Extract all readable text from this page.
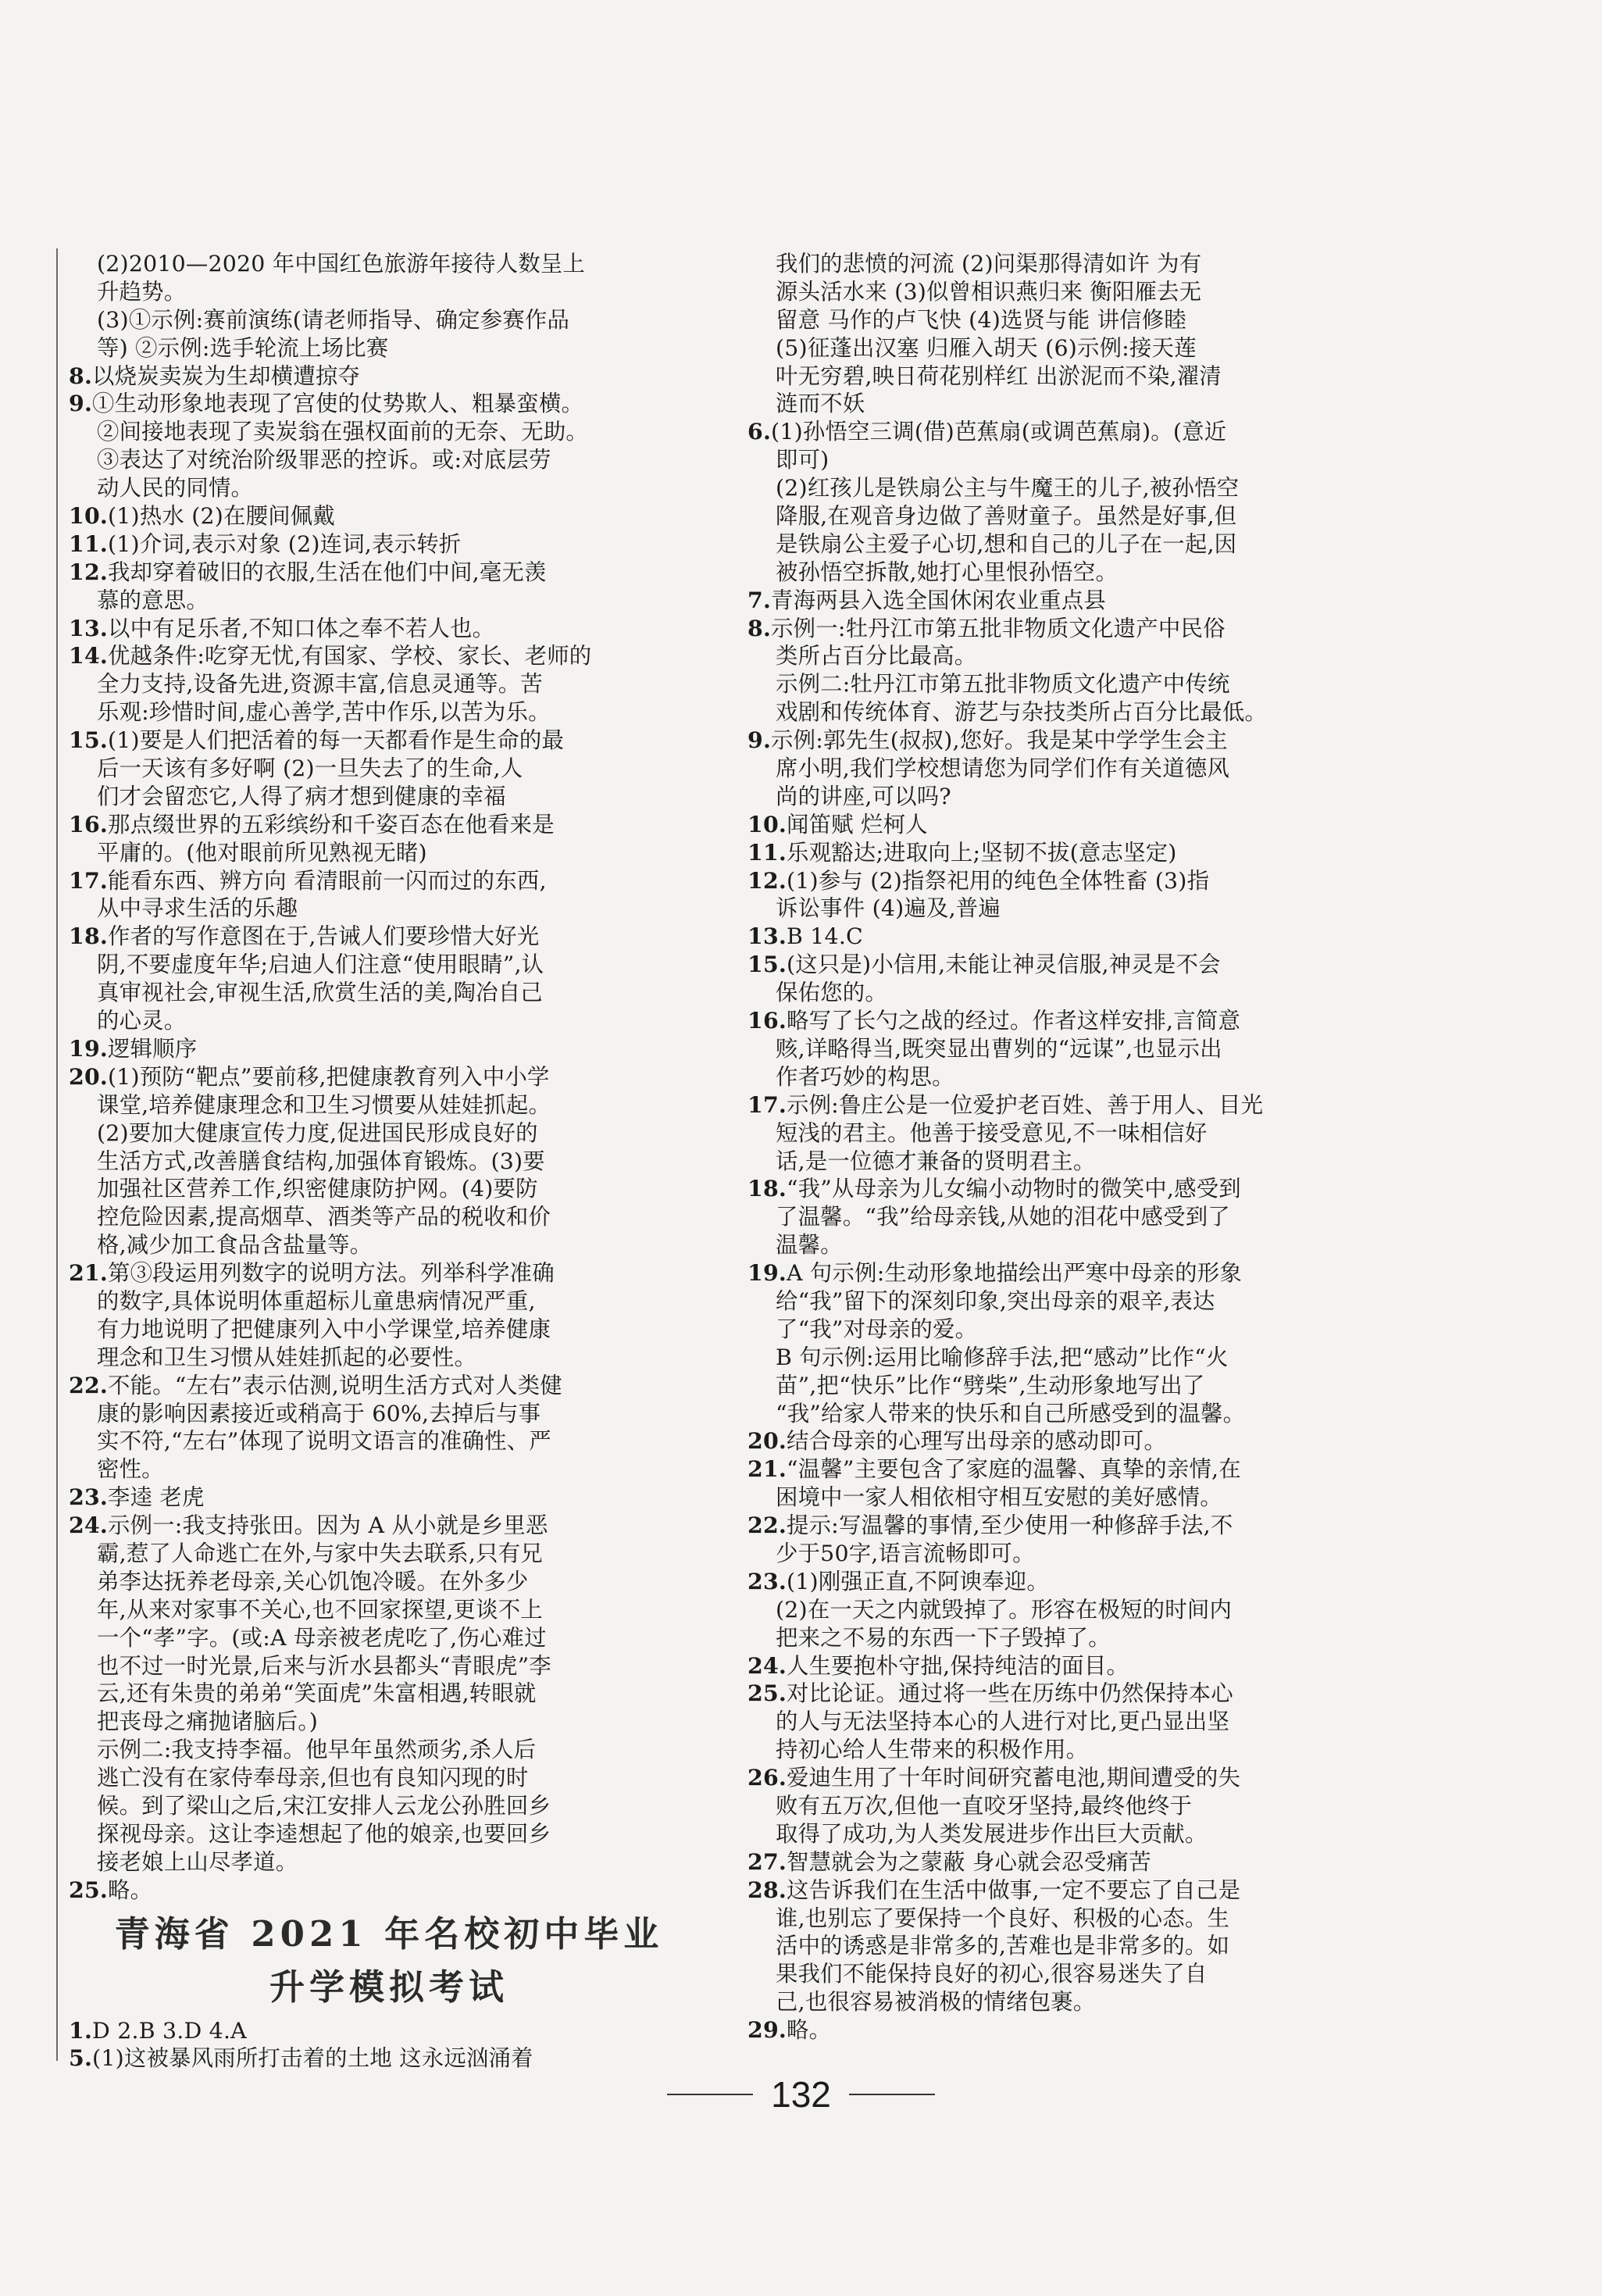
(2)2010—2020 年中国红色旅游年接待人数呈上
升趋势。
(3)①示例:赛前演练(请老师指导、确定参赛作品
等) ②示例:选手轮流上场比赛
8.以烧炭卖炭为生却横遭掠夺
9.①生动形象地表现了宫使的仗势欺人、粗暴蛮横。
②间接地表现了卖炭翁在强权面前的无奈、无助。
③表达了对统治阶级罪恶的控诉。或:对底层劳
动人民的同情。
10.(1)热水 (2)在腰间佩戴
11.(1)介词,表示对象 (2)连词,表示转折
12.我却穿着破旧的衣服,生活在他们中间,毫无羡
慕的意思。
13.以中有足乐者,不知口体之奉不若人也。
14.优越条件:吃穿无忧,有国家、学校、家长、老师的
全力支持,设备先进,资源丰富,信息灵通等。苦
乐观:珍惜时间,虚心善学,苦中作乐,以苦为乐。
15.(1)要是人们把活着的每一天都看作是生命的最
后一天该有多好啊 (2)一旦失去了的生命,人
们才会留恋它,人得了病才想到健康的幸福
16.那点缀世界的五彩缤纷和千姿百态在他看来是
平庸的。(他对眼前所见熟视无睹)
17.能看东西、辨方向 看清眼前一闪而过的东西,
从中寻求生活的乐趣
18.作者的写作意图在于,告诫人们要珍惜大好光
阴,不要虚度年华;启迪人们注意“使用眼睛”,认
真审视社会,审视生活,欣赏生活的美,陶冶自己
的心灵。
19.逻辑顺序
20.(1)预防“靶点”要前移,把健康教育列入中小学
课堂,培养健康理念和卫生习惯要从娃娃抓起。
(2)要加大健康宣传力度,促进国民形成良好的
生活方式,改善膳食结构,加强体育锻炼。(3)要
加强社区营养工作,织密健康防护网。(4)要防
控危险因素,提高烟草、酒类等产品的税收和价
格,减少加工食品含盐量等。
21.第③段运用列数字的说明方法。列举科学准确
的数字,具体说明体重超标儿童患病情况严重,
有力地说明了把健康列入中小学课堂,培养健康
理念和卫生习惯从娃娃抓起的必要性。
22.不能。“左右”表示估测,说明生活方式对人类健
康的影响因素接近或稍高于 60%,去掉后与事
实不符,“左右”体现了说明文语言的准确性、严
密性。
23.李逵 老虎
24.示例一:我支持张田。因为 A 从小就是乡里恶
霸,惹了人命逃亡在外,与家中失去联系,只有兄
弟李达抚养老母亲,关心饥饱冷暖。在外多少
年,从来对家事不关心,也不回家探望,更谈不上
一个“孝”字。(或:A 母亲被老虎吃了,伤心难过
也不过一时光景,后来与沂水县都头“青眼虎”李
云,还有朱贵的弟弟“笑面虎”朱富相遇,转眼就
把丧母之痛抛诸脑后。)
示例二:我支持李福。他早年虽然顽劣,杀人后
逃亡没有在家侍奉母亲,但也有良知闪现的时
候。到了梁山之后,宋江安排人云龙公孙胜回乡
探视母亲。这让李逵想起了他的娘亲,也要回乡
接老娘上山尽孝道。
25.略。
青海省 2021 年名校初中毕业
升学模拟考试
1.D 2.B 3.D 4.A
5.(1)这被暴风雨所打击着的土地 这永远汹涌着
我们的悲愤的河流 (2)问渠那得清如许 为有
源头活水来 (3)似曾相识燕归来 衡阳雁去无
留意 马作的卢飞快 (4)选贤与能 讲信修睦
(5)征蓬出汉塞 归雁入胡天 (6)示例:接天莲
叶无穷碧,映日荷花别样红 出淤泥而不染,濯清
涟而不妖
6.(1)孙悟空三调(借)芭蕉扇(或调芭蕉扇)。(意近
即可)
(2)红孩儿是铁扇公主与牛魔王的儿子,被孙悟空
降服,在观音身边做了善财童子。虽然是好事,但
是铁扇公主爱子心切,想和自己的儿子在一起,因
被孙悟空拆散,她打心里恨孙悟空。
7.青海两县入选全国休闲农业重点县
8.示例一:牡丹江市第五批非物质文化遗产中民俗
类所占百分比最高。
示例二:牡丹江市第五批非物质文化遗产中传统
戏剧和传统体育、游艺与杂技类所占百分比最低。
9.示例:郭先生(叔叔),您好。我是某中学学生会主
席小明,我们学校想请您为同学们作有关道德风
尚的讲座,可以吗?
10.闻笛赋 烂柯人
11.乐观豁达;进取向上;坚韧不拔(意志坚定)
12.(1)参与 (2)指祭祀用的纯色全体牲畜 (3)指
诉讼事件 (4)遍及,普遍
13.B 14.C
15.(这只是)小信用,未能让神灵信服,神灵是不会
保佑您的。
16.略写了长勺之战的经过。作者这样安排,言简意
赅,详略得当,既突显出曹刿的“远谋”,也显示出
作者巧妙的构思。
17.示例:鲁庄公是一位爱护老百姓、善于用人、目光
短浅的君主。他善于接受意见,不一味相信好
话,是一位德才兼备的贤明君主。
18.“我”从母亲为儿女编小动物时的微笑中,感受到
了温馨。“我”给母亲钱,从她的泪花中感受到了
温馨。
19.A 句示例:生动形象地描绘出严寒中母亲的形象
给“我”留下的深刻印象,突出母亲的艰辛,表达
了“我”对母亲的爱。
B 句示例:运用比喻修辞手法,把“感动”比作“火
苗”,把“快乐”比作“劈柴”,生动形象地写出了
“我”给家人带来的快乐和自己所感受到的温馨。
20.结合母亲的心理写出母亲的感动即可。
21.“温馨”主要包含了家庭的温馨、真挚的亲情,在
困境中一家人相依相守相互安慰的美好感情。
22.提示:写温馨的事情,至少使用一种修辞手法,不
少于50字,语言流畅即可。
23.(1)刚强正直,不阿谀奉迎。
(2)在一天之内就毁掉了。形容在极短的时间内
把来之不易的东西一下子毁掉了。
24.人生要抱朴守拙,保持纯洁的面目。
25.对比论证。通过将一些在历练中仍然保持本心
的人与无法坚持本心的人进行对比,更凸显出坚
持初心给人生带来的积极作用。
26.爱迪生用了十年时间研究蓄电池,期间遭受的失
败有五万次,但他一直咬牙坚持,最终他终于
取得了成功,为人类发展进步作出巨大贡献。
27.智慧就会为之蒙蔽 身心就会忍受痛苦
28.这告诉我们在生活中做事,一定不要忘了自己是
谁,也别忘了要保持一个良好、积极的心态。生
活中的诱惑是非常多的,苦难也是非常多的。如
果我们不能保持良好的初心,很容易迷失了自
己,也很容易被消极的情绪包裹。
29.略。
132
